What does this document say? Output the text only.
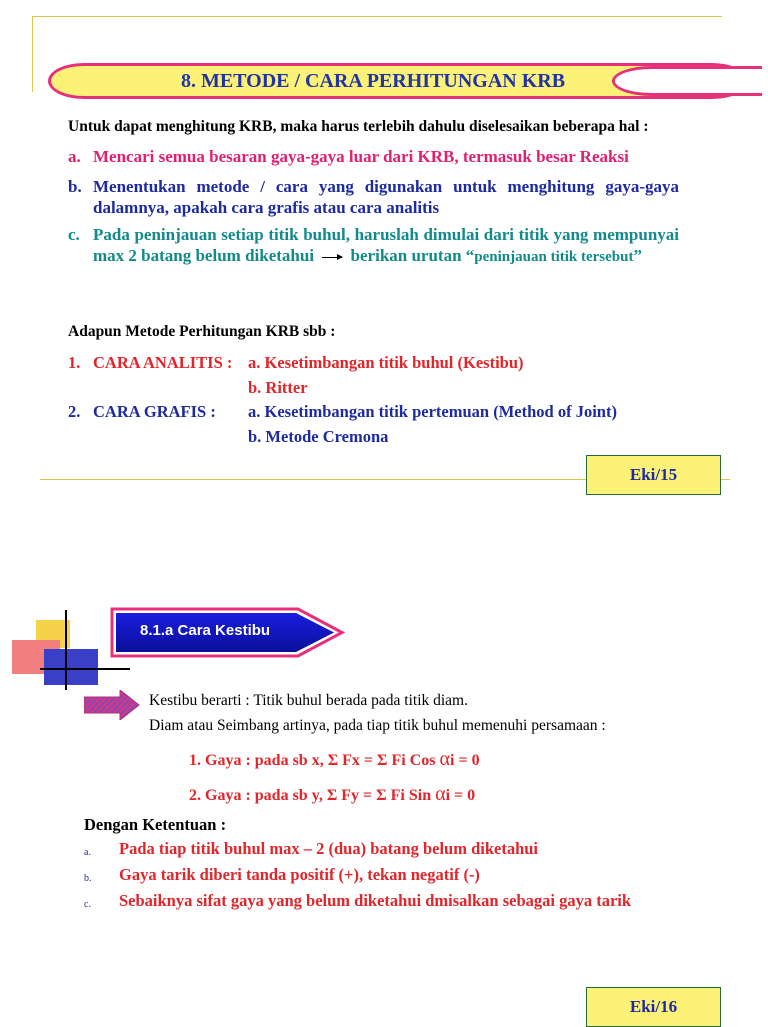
8. METODE / CARA PERHITUNGAN KRB
Untuk dapat menghitung KRB, maka harus terlebih dahulu diselesaikan beberapa hal :
a. Mencari semua besaran gaya-gaya luar dari KRB, termasuk besar Reaksi
b. Menentukan metode / cara yang digunakan untuk menghitung gaya-gaya dalamnya, apakah cara grafis atau cara analitis
c. Pada peninjauan setiap titik buhul, haruslah dimulai dari titik yang mempunyai max 2 batang belum diketahui berikan urutan “peninjauan titik tersebut”
Adapun Metode Perhitungan KRB sbb :
1. CARA ANALITIS : a. Kesetimbangan titik buhul (Kestibu)
b. Ritter
2. CARA GRAFIS : a. Kesetimbangan titik pertemuan (Method of Joint)
b. Metode Cremona
Eki/15
8.1.a Cara Kestibu
Kestibu berarti : Titik buhul berada pada titik diam.
Diam atau Seimbang artinya, pada tiap titik buhul memenuhi persamaan :
1. Gaya : pada sb x, Σ Fx = Σ Fi Cos αi = 0
2. Gaya : pada sb y, Σ Fy = Σ Fi Sin αi = 0
Dengan Ketentuan :
a. Pada tiap titik buhul max – 2 (dua) batang belum diketahui
b. Gaya tarik diberi tanda positif (+), tekan negatif (-)
c. Sebaiknya sifat gaya yang belum diketahui dmisalkan sebagai gaya tarik
Eki/16
